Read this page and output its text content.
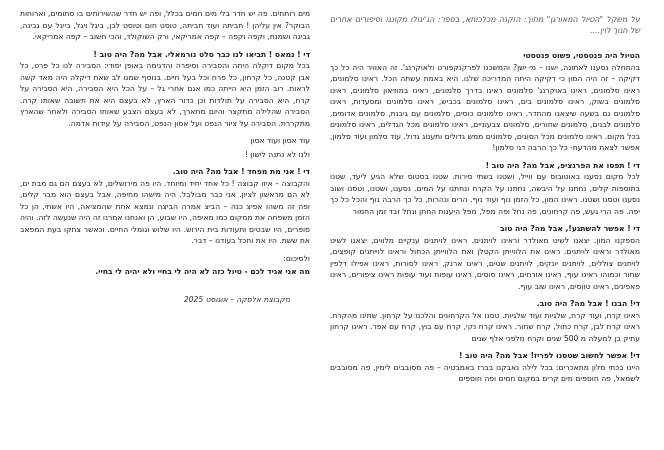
על משקל "הטיול המאורגן" מתוך: הזקנה מכלכותא, בספר: הג'יגולו מקונגו וסיפורים אחרים של חנוך לוין....

הטיול היה פנטסטי, פשוט פנטסטי

בהתחלה נסענו לאתונה, ישנו – מי ישן? והמשכנו לפרקנקפורט ולאוקרנג'. זה האוויר היה כל כך דקיקה – זה היה המון כי דקיקה היתה המדריכה שלנו. היא באמת עשתה הכל. ראינו סלמונים, ראינו סלמונים, ראינו באוקרנג' סלמונים ראינו בדרך סלמונים, ראינו במוזיאון סלמונים, ראינו סלמונים בשוק, ראינו סלמונים בים, ראינו סלמונים בכביש, ראינו סלמונים ומסעדות, ראינו סלמונים גם בשעה שיצאנו מהחדר. ראינו סלמונים כוסים, סלמונים עם גיבנת, סלמונים אדומים, סלמונים לבנים, סלמונים שחורים, סלמונים צבעוניים, ראינו סלמונים מכל הגדלים, ראינו סלמונים בכל מקום. ראינו סלמונים מכל הסוגים, סלמונים ממש גדולים ותענוג גדול. עוד סלמון ועוד סלמון, אפשר לצאת מהדעת- כל כך הרבה דגי סלמון!

די ! תפסו את הפרנציפ, אבל מה? היה טוב !

לכל מקום נסענו באוטובוס עם ווייל, ושטנו בשתי סירות. שטנו בסטוס שלא הגיע ליעד, שטנו בתוספות קלים, נחתנו על היבשה, נחתנו על הקרח ונחתנו על המים. נסענו, ושטנו, וטסנו ושוב נסענו וטסנו ושטנו. ראינו המון, כל הזמן נוף ועוד נוף. הרים ונהרות, כל כך הרבה נוף והכל כל כך יפה. פה הרי געש, פה קרחונים, פה נחל ופה מפל, מפל היענות החתן ונחל זבד זמן החמור

די ! אפשר להשתגע!, אבל מה? היה טוב

הספקנו המון. יצאנו לשיט מאולדר וראינו לויתנים. ראינו לויתנים ענקיים מלווים, יצאנו לשיט מאולדר וראינו לויתנים. ראינו את הלווייתן הקטלן ואת הלווייתן הכחול וראינו לוייתנים קופצים, לויתנים צוללים, לויתנים יונקים, לויתנים שטים, ראינו ארנק, ראינו לסורות, ראינו אפילו דלפין שחור וכמוהו ראינו עוף, ראינו אורחים, ראינו סוסים, ראינו עופות ועוד עופות ראינו ציפורים, ראינו פאפינים, ראינו טווסים, ראינו שוב עוף.

די! הבנו ! אבל מה? היה טוב.

ראינו קרח, ועוד קרח, שלגיות ועוד שלגיות. טסנו אל הקרחונים והלכנו על קרחון. שתינו מהקרח. ראינו קרח לבן, קרח כחול, קרח שחור. ראינו קרח נקי, קרח עם בוץ, קרח עם אפר. ראינו קרחון עתיק בן למעלה מ 500 שנים וקרח מלפני אלף שנים

די! אפשר לחשוב שטסנו לפריז! אבל מה? היה טוב !

היינו בכתי מלון מתאכרים: בכל לילה נאבקנו בברז באמבטיה – פה מסובבים לימין, פה מסובבים לשמאל, פה חוספים מים קרים במקום חמים ופה חוספים

מים רותחים. פה יש חדר בלי מים חמים בכלל, ופה יש חדר שהשירותים בו סתומים, וארוחות הבוקר? אין עליהן ! חביתה ועוד חביתה, טוסט חום וטוסט לבן, ביגל ויגל, בייגל עם גבינה, גבינה ושמנת, וקפה וקפה – קפה אמריקאי, ורק השוקולד, והכי חשוב – קפה אמריקאי.

די ! נמאס ! תביאו לנו כבר סלט נורמאלי. אבל מה? היה טוב !

בכל מקום דיקלה היתה והסבירה וסיפרה והדגימה באופן יסודי: הסבירה לנו כל פרט, כל אבן קטנה, כל קרחון, כל פרח וכל בעל חיים. בנוסף שמנו לב שאת דיקלה היה מאד קשה לראות. רוב הזמן היא הייתה כמו אגם אחרי גל – על הכל היא הסבירה, היא הסבירה על קרח, היא הסבירה על תולדות וכן כדור הארץ, לא בעצם היא את תשובה שאותו קרה. הסבירה שהלילה מתקצר והיום מתארך, לא בעצם הצבע שאותו הסבירה ולאחר שהארץ מתקררת. הסבירה על ציור הנפט ועל אסון הנפט, הסבירה על עידות אדמה.

עוד אסון ועוד אסון

ולנו לא נתנה לישון !

די ! אני מת מפחד ! אבל מה? היה טוב.

והקבוצה – איזו קבוצה ! כל אחד יחיד ומיוחד. היו פה מירושלים, לא בעצם הם גם מבת ים, לא הם מראשון לציון. אני כבר מבולבל. היה מישהו מחיפה, אבל בעצם הוא מבר קלים, ופה זה משהו אפיצ כנה – הביצ אמרה הביצה ונמצא אחת שהמציאה, היו אשתי, הן כל הזמן משפחה את ממקום כמו מאיפה, היו שבוע, הן ואנחנו אמרנו זה היה שנעשה לזה. והיה סופרים, היו שבטים ותעודות בית הירוש. היו שלוש וגומלי החיים. וכאשר צחקו בעת המפאב את ששת. היו את וחכל בעודנו – דבר.

ולסיכום:

מה אני אגיד לכם - טיול כזה לא היה לי בחיי ולא יהיה לי בחיי.

מקבוצת אלסקה – אוגוסט 2025
